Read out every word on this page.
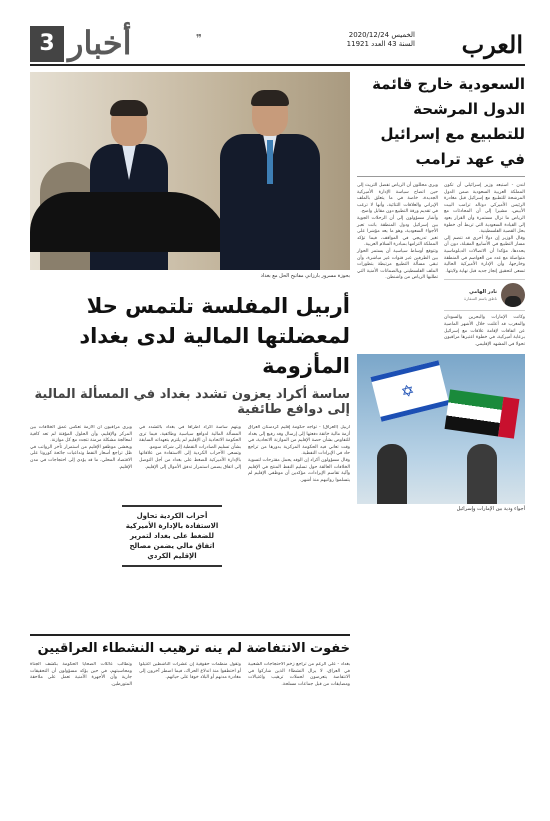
العرب
الخميس 2020/12/24
السنة 43 العدد 11921
❞
أخبار
3
السعودية خارج قائمة الدول المرشحة للتطبيع مع إسرائيل في عهد ترامب

لندن - استبعد وزير إسرائيلي أن تكون المملكة العربية السعودية ضمن الدول المرشحة للتطبيع مع إسرائيل قبل مغادرة الرئيس الأميركي دونالد ترامب البيت الأبيض، مشيرا إلى أن المحادثات مع الرياض ما تزال مستمرة وأن القرار يعود إلى القيادة السعودية التي تربط أي خطوة بحل القضية الفلسطينية.

وقال الوزير إن دولا أخرى قد تنضم إلى مسار التطبيع في الأسابيع المقبلة، دون أن يحددها، مؤكدا أن الاتصالات الدبلوماسية متواصلة مع عدد من العواصم في المنطقة وخارجها، وأن الإدارة الأميركية الحالية تسعى لتحقيق إنجاز جديد قبل نهاية ولايتها.

نادر الهامي
ناطق باسم السفارة

وكانت الإمارات والبحرين والسودان والمغرب قد أعلنت خلال الأشهر الماضية عن اتفاقات لإقامة علاقات مع إسرائيل برعاية أميركية، في خطوة اعتبرها مراقبون تحولا في المشهد الإقليمي.

ويرى محللون أن الرياض تفضل التريث إلى حين اتضاح سياسة الإدارة الأميركية الجديدة، خاصة في ما يتعلق بالملف الإيراني والعلاقات الثنائية، وأنها لا ترغب في تقديم ورقة التطبيع دون مقابل واضح.

وأشار مسؤولون إلى أن الرحلات الجوية بين إسرائيل ودول المنطقة باتت تعبر الأجواء السعودية، وهو ما يعد مؤشرا على تغير تدريجي في المواقف، فيما تؤكد المملكة التزامها بمبادرة السلام العربية.

وتتوقع أوساط سياسية أن يستمر الحوار بين الطرفين عبر قنوات غير مباشرة، وأن تبقى مسألة التطبيع مرتبطة بتطورات الملف الفلسطيني وبالضمانات الأمنية التي تطلبها الرياض من واشنطن.

✡
أجواء ودية بين الإمارات وإسرائيل
بحوزة مسرور بارزاني مفاتيح الحل مع بغداد
أربيل المفلسة تلتمس حلا لمعضلتها المالية لدى بغداد المأزومة
ساسة أكراد يعزون تشدد بغداد في المسألة المالية إلى دوافع طائفية

أربيل (العراق) - تواجه حكومة إقليم كردستان العراق أزمة مالية خانقة دفعتها إلى إرسال وفد رفيع إلى بغداد للتفاوض بشأن حصة الإقليم من الموازنة الاتحادية، في وقت تعاني فيه الحكومة المركزية بدورها من تراجع حاد في الإيرادات النفطية.

وقال مسؤولون أكراد إن الوفد يحمل مقترحات لتسوية الخلافات العالقة حول تسليم النفط المنتج في الإقليم وآلية تقاسم الإيرادات، مؤكدين أن موظفي الإقليم لم يتسلموا رواتبهم منذ أشهر.

ويتهم ساسة أكراد أطرافا في بغداد بالتشدد في المسألة المالية لدوافع سياسية وطائفية، فيما ترى الحكومة الاتحادية أن الإقليم لم يلتزم بتعهداته السابقة بشأن تسليم الصادرات النفطية إلى شركة سومو.

وتسعى الأحزاب الكردية إلى الاستفادة من علاقاتها بالإدارة الأميركية للضغط على بغداد من أجل التوصل إلى اتفاق يضمن استمرار تدفق الأموال إلى الإقليم.

ويرى مراقبون أن الأزمة تعكس عمق الخلافات بين المركز والإقليم، وأن الحلول المؤقتة لم تعد كافية لمعالجة مشكلة مزمنة تتجدد مع كل موازنة.

ويخشى موظفو الإقليم من استمرار تأخر الرواتب في ظل تراجع أسعار النفط وتداعيات جائحة كورونا على الاقتصاد المحلي، ما قد يؤدي إلى احتجاجات في مدن الإقليم.

أحزاب الكردية تحاول الاستفادة بالإدارة الأميركية للضغط على بغداد لتمرير اتفاق مالي يضمن مصالح الإقليم الكردي
خفوت الانتفاضة لم ينه ترهيب النشطاء العراقيين

بغداد - على الرغم من تراجع زخم الاحتجاجات الشعبية في العراق، لا يزال النشطاء الذين شاركوا في الانتفاضة يتعرضون لحملات ترهيب واغتيالات ومضايقات من قبل جماعات مسلحة.

وتقول منظمات حقوقية إن عشرات الناشطين اغتيلوا أو اختطفوا منذ اندلاع الحراك، فيما اضطر آخرون إلى مغادرة مدنهم أو البلاد خوفا على حياتهم.

وتطالب عائلات الضحايا الحكومة بكشف الجناة ومحاسبتهم، في حين يؤكد مسؤولون أن التحقيقات جارية وأن الأجهزة الأمنية تعمل على ملاحقة المتورطين.
